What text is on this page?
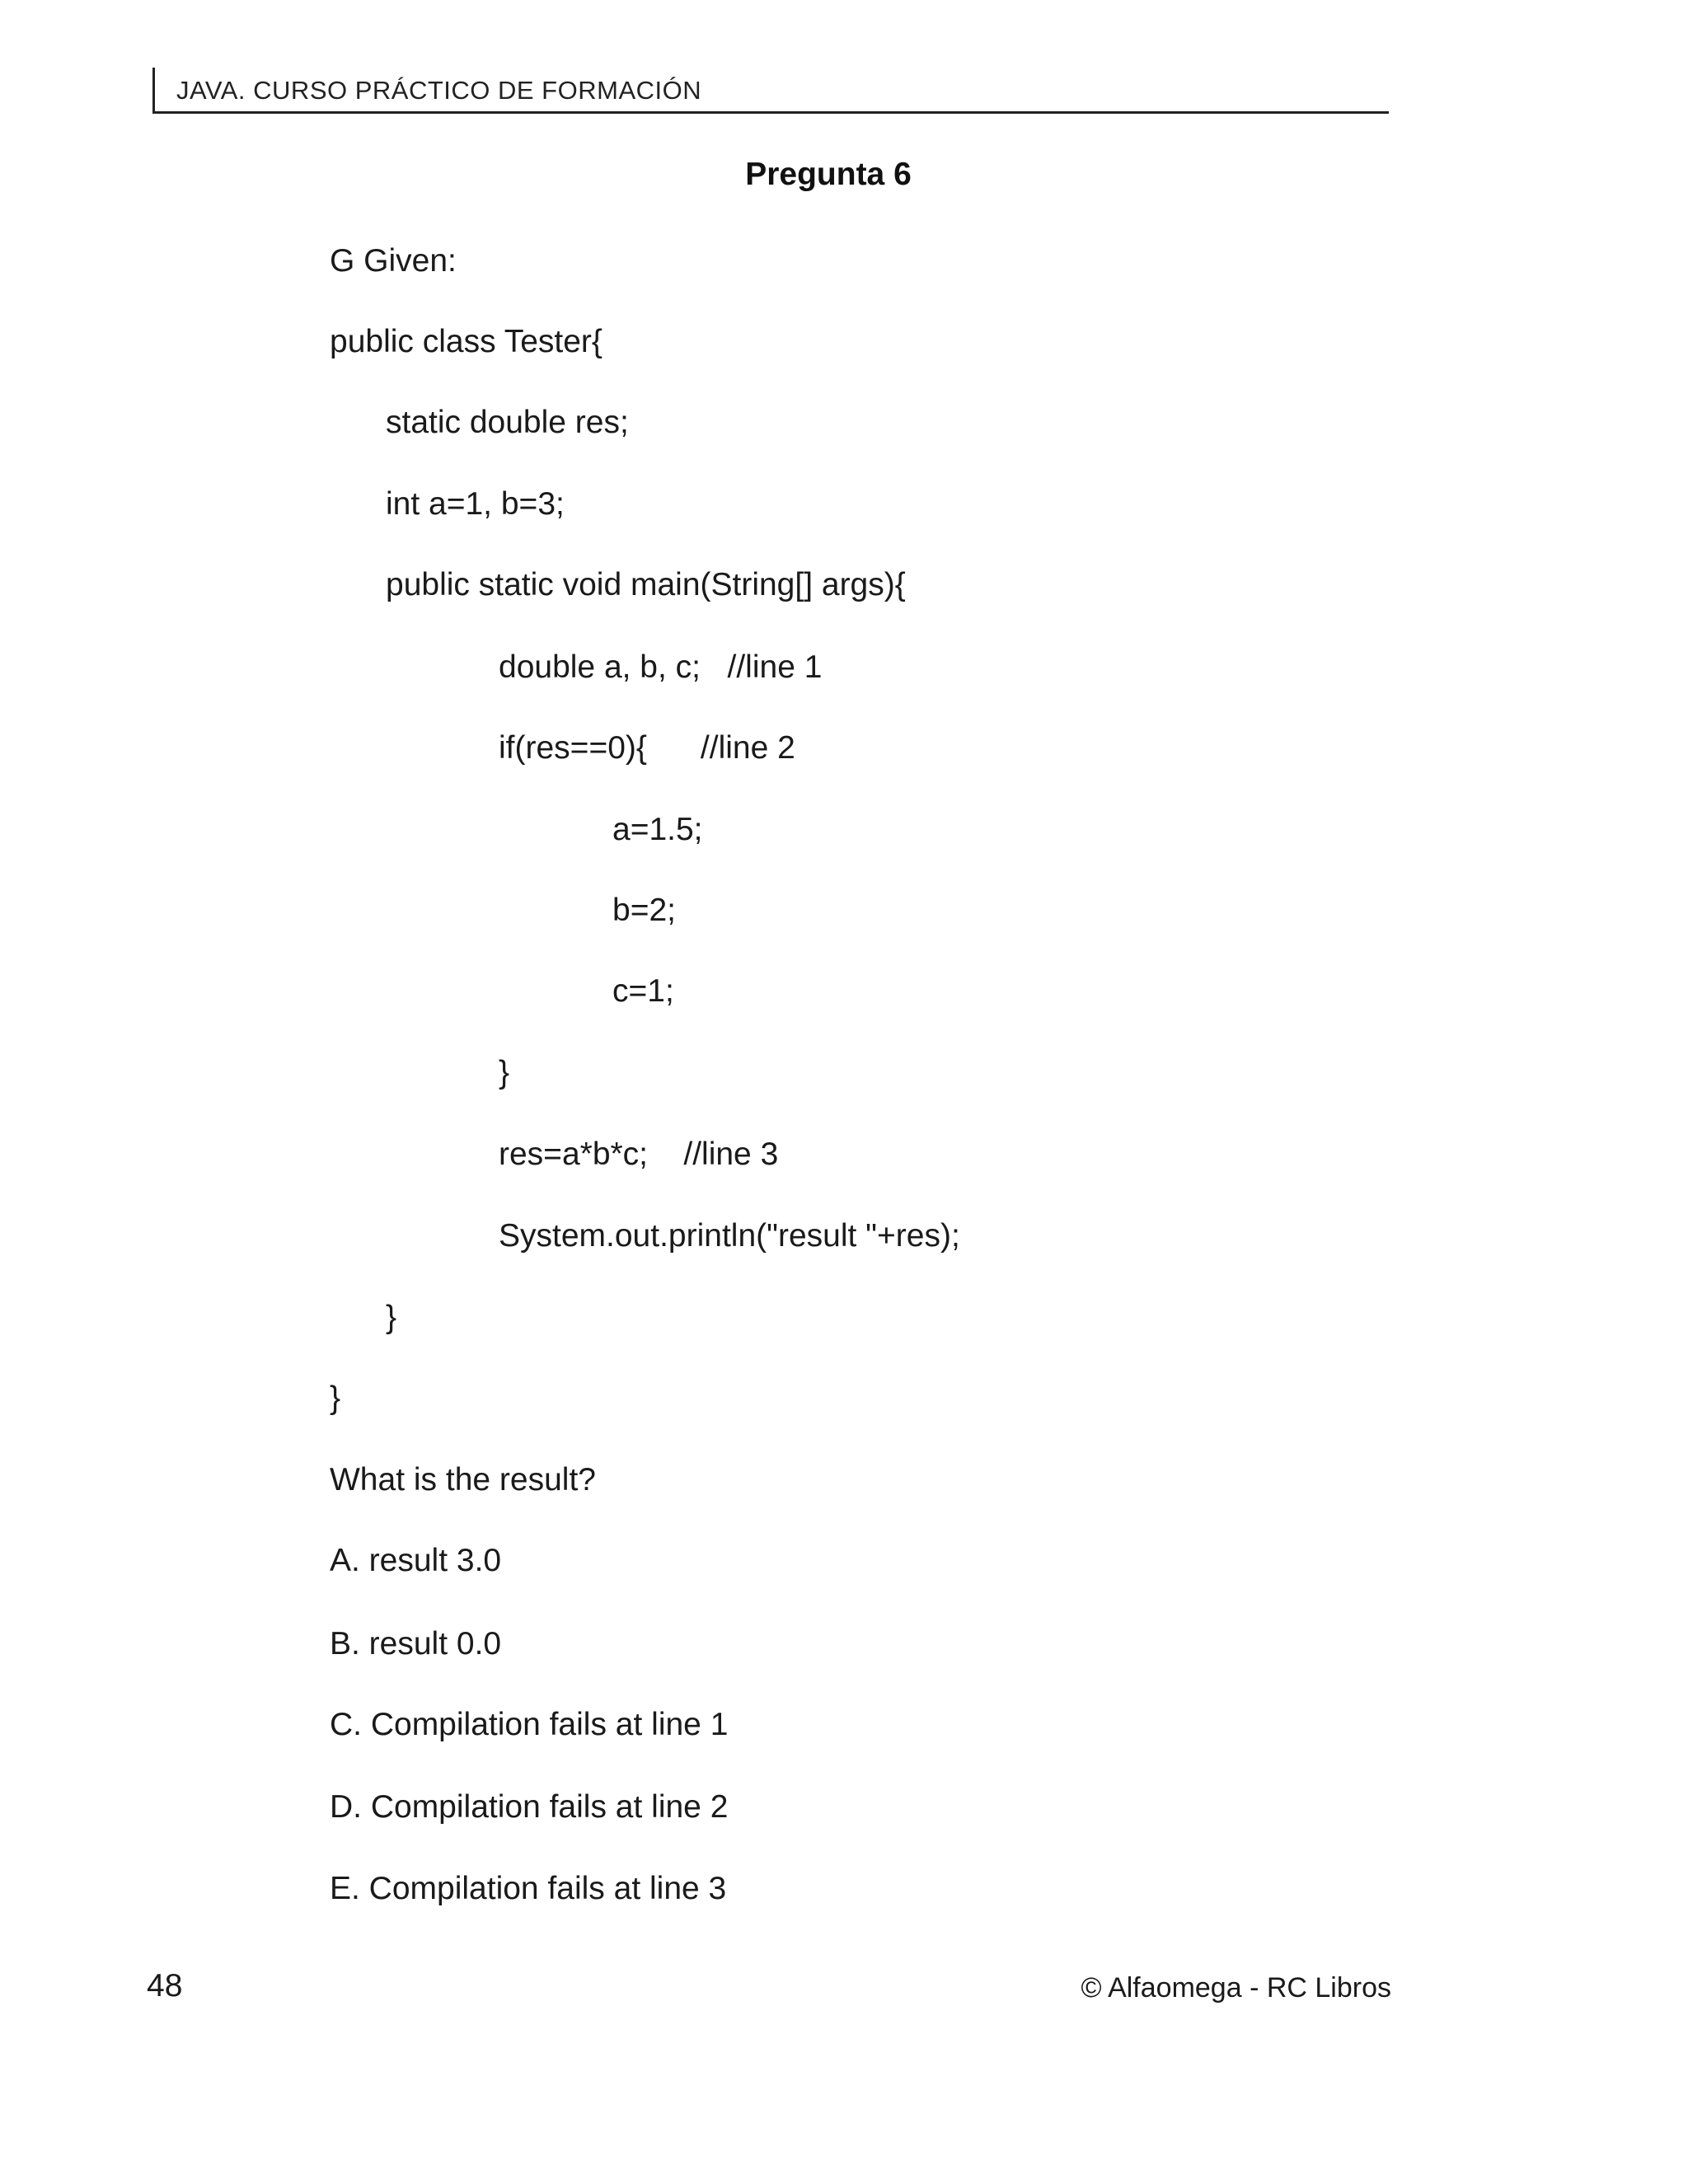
JAVA. CURSO PRÁCTICO DE FORMACIÓN
Pregunta 6
G Given:
public class Tester{
static double res;
int a=1, b=3;
public static void main(String[] args){
double a, b, c;   //line 1
if(res==0){      //line 2
a=1.5;
b=2;
c=1;
}
res=a*b*c;    //line 3
System.out.println("result "+res);
}
}
What is the result?
A. result 3.0
B. result 0.0
C. Compilation fails at line 1
D. Compilation fails at line 2
E. Compilation fails at line 3
48	© Alfaomega - RC Libros
